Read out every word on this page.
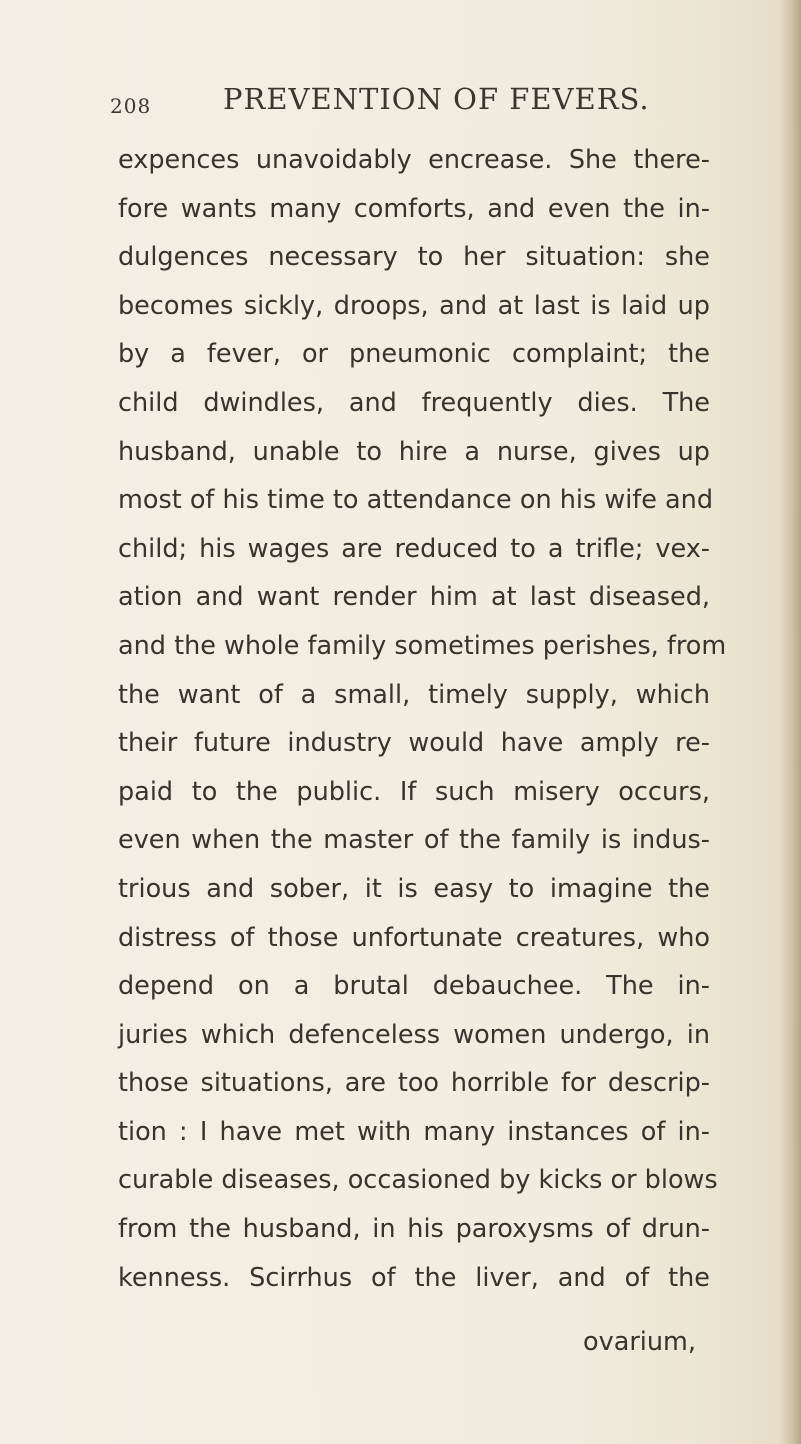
208 PREVENTION OF FEVERS.
expences unavoidably encrease. She there-
fore wants many comforts, and even the in-
dulgences necessary to her situation: she
becomes sickly, droops, and at last is laid up
by a fever, or pneumonic complaint; the
child dwindles, and frequently dies. The
husband, unable to hire a nurse, gives up
most of his time to attendance on his wife and
child; his wages are reduced to a trifle; vex-
ation and want render him at last diseased,
and the whole family sometimes perishes, from
the want of a small, timely supply, which
their future industry would have amply re-
paid to the public. If such misery occurs,
even when the master of the family is indus-
trious and sober, it is easy to imagine the
distress of those unfortunate creatures, who
depend on a brutal debauchee. The in-
juries which defenceless women undergo, in
those situations, are too horrible for descrip-
tion : I have met with many instances of in-
curable diseases, occasioned by kicks or blows
from the husband, in his paroxysms of drun-
kenness. Scirrhus of the liver, and of the
ovarium,
